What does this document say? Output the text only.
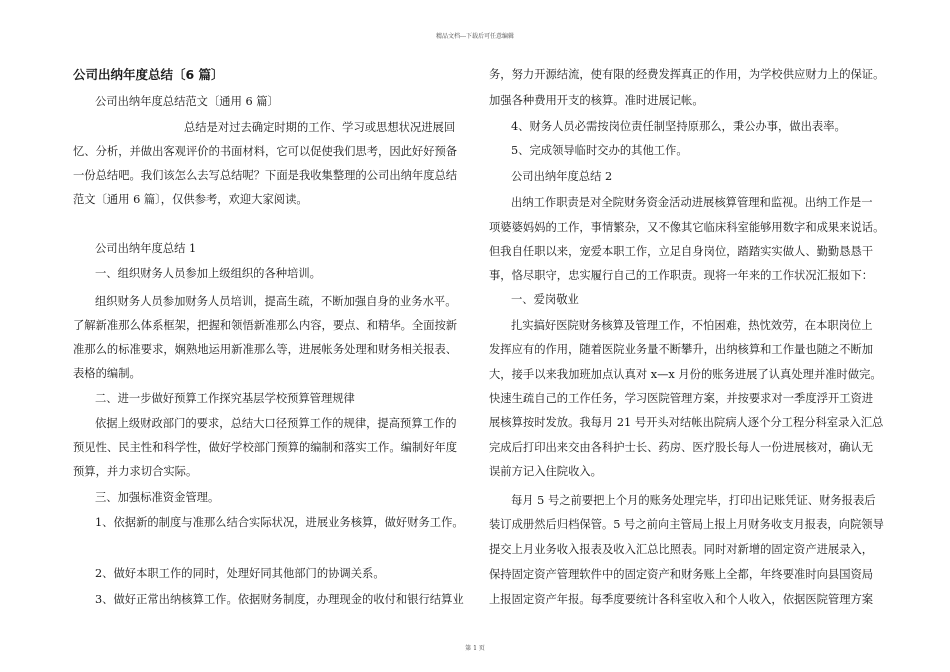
精品文档---下载后可任意编辑
公司出纳年度总结〔6 篇〕
公司出纳年度总结范文〔通用 6 篇〕
总结是对过去确定时期的工作、学习或思想状况进展回
忆、分析，并做出客观评价的书面材料，它可以促使我们思考，因此好好预备
一份总结吧。我们该怎么去写总结呢？下面是我收集整理的公司出纳年度总结
范文〔通用 6 篇〕，仅供参考，欢迎大家阅读。
公司出纳年度总结 1
一、组织财务人员参加上级组织的各种培训。
组织财务人员参加财务人员培训，提高生疏，不断加强自身的业务水平。
了解新准那么体系框架，把握和领悟新准那么内容，要点、和精华。全面按新
准那么的标准要求，娴熟地运用新准那么等，进展帐务处理和财务相关报表、
表格的编制。
二、进一步做好预算工作探究基层学校预算管理规律
依据上级财政部门的要求，总结大口径预算工作的规律，提高预算工作的
预见性、民主性和科学性，做好学校部门预算的编制和落实工作。编制好年度
预算，并力求切合实际。
三、加强标准资金管理。
1、依据新的制度与准那么结合实际状况，进展业务核算，做好财务工作。
2、做好本职工作的同时，处理好同其他部门的协调关系。
3、做好正常出纳核算工作。依据财务制度，办理现金的收付和银行结算业
务，努力开源结流，使有限的经费发挥真正的作用，为学校供应财力上的保证。
加强各种费用开支的核算。准时进展记帐。
4、财务人员必需按岗位责任制坚持原那么，秉公办事，做出表率。
5、完成领导临时交办的其他工作。
公司出纳年度总结 2
出纳工作职责是对全院财务资金活动进展核算管理和监视。出纳工作是一
项婆婆妈妈的工作，事情繁杂，又不像其它临床科室能够用数字和成果来说话。
但我自任职以来，宠爱本职工作，立足自身岗位，踏踏实实做人、勤勤恳恳干
事，恪尽职守，忠实履行自己的工作职责。现将一年来的工作状况汇报如下：
一、爱岗敬业
扎实搞好医院财务核算及管理工作，不怕困难，热忱效劳，在本职岗位上
发挥应有的作用，随着医院业务量不断攀升，出纳核算和工作量也随之不断加
大，接手以来我加班加点认真对 x—x 月份的账务进展了认真处理并准时做完。
快速生疏自己的工作任务，学习医院管理方案，并按要求对一季度浮开工资进
展核算按时发放。我每月 21 号开头对结帐出院病人逐个分工程分科室录入汇总
完成后打印出来交由各科护士长、药房、医疗股长每人一份进展核对，确认无
误前方记入住院收入。
每月 5 号之前要把上个月的账务处理完毕，打印出记账凭证、财务报表后
装订成册然后归档保管。5 号之前向主管局上报上月财务收支月报表，向院领导
提交上月业务收入报表及收入汇总比照表。同时对新增的固定资产进展录入，
保持固定资产管理软件中的固定资产和财务账上全都，年终要准时向县国资局
上报固定资产年报。每季度要统计各科室收入和个人收入，依据医院管理方案
第 1 页
